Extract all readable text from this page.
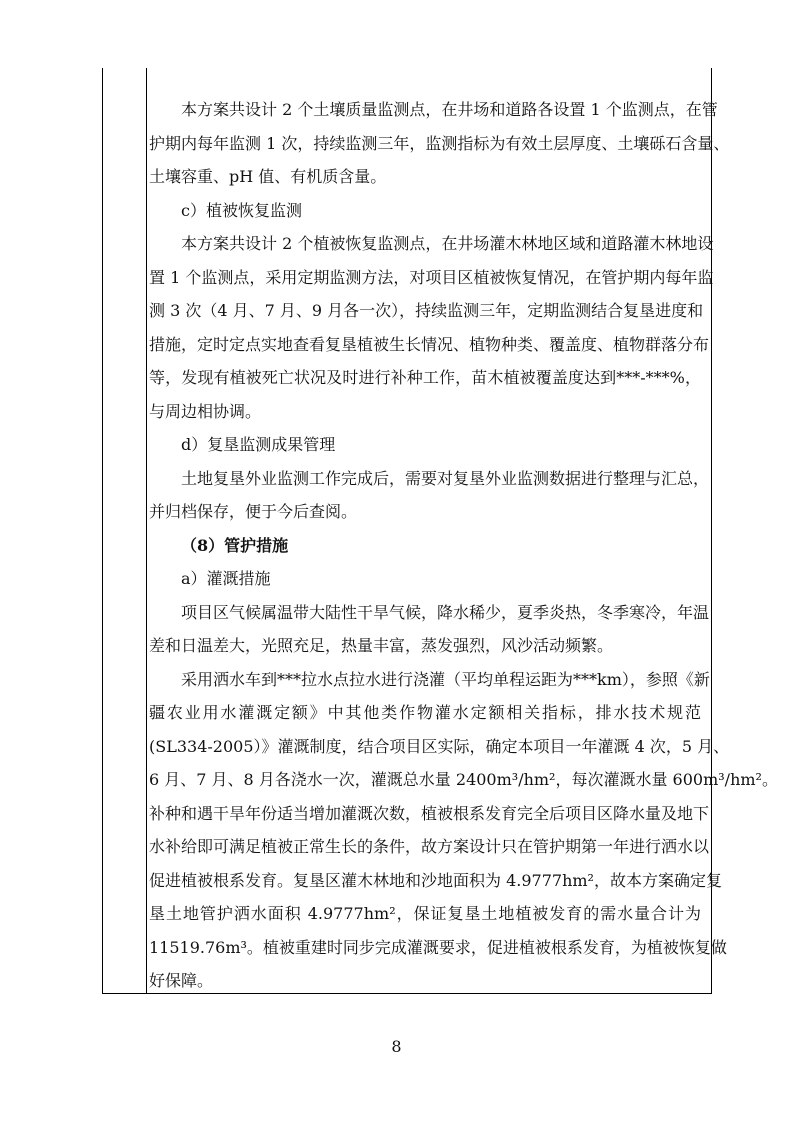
本方案共设计 2 个土壤质量监测点，在井场和道路各设置 1 个监测点，在管
护期内每年监测 1 次，持续监测三年，监测指标为有效土层厚度、土壤砾石含量、
土壤容重、pH 值、有机质含量。
c）植被恢复监测
本方案共设计 2 个植被恢复监测点，在井场灌木林地区域和道路灌木林地设
置 1 个监测点，采用定期监测方法，对项目区植被恢复情况，在管护期内每年监
测 3 次（4 月、7 月、9 月各一次），持续监测三年，定期监测结合复垦进度和
措施，定时定点实地查看复垦植被生长情况、植物种类、覆盖度、植物群落分布
等，发现有植被死亡状况及时进行补种工作，苗木植被覆盖度达到***-***%，
与周边相协调。
d）复垦监测成果管理
土地复垦外业监测工作完成后，需要对复垦外业监测数据进行整理与汇总，
并归档保存，便于今后查阅。
（8）管护措施
a）灌溉措施
项目区气候属温带大陆性干旱气候，降水稀少，夏季炎热，冬季寒冷，年温
差和日温差大，光照充足，热量丰富，蒸发强烈，风沙活动频繁。
采用洒水车到***拉水点拉水进行浇灌（平均单程运距为***km），参照《新
疆农业用水灌溉定额》中其他类作物灌水定额相关指标，排水技术规范
(SL334-2005）》灌溉制度，结合项目区实际，确定本项目一年灌溉 4 次，5 月、
6 月、7 月、8 月各浇水一次，灌溉总水量 2400m³/hm²，每次灌溉水量 600m³/hm²。
补种和遇干旱年份适当增加灌溉次数，植被根系发育完全后项目区降水量及地下
水补给即可满足植被正常生长的条件，故方案设计只在管护期第一年进行洒水以
促进植被根系发育。复垦区灌木林地和沙地面积为 4.9777hm²，故本方案确定复
垦土地管护洒水面积 4.9777hm²，保证复垦土地植被发育的需水量合计为
11519.76m³。植被重建时同步完成灌溉要求，促进植被根系发育，为植被恢复做
好保障。
8
